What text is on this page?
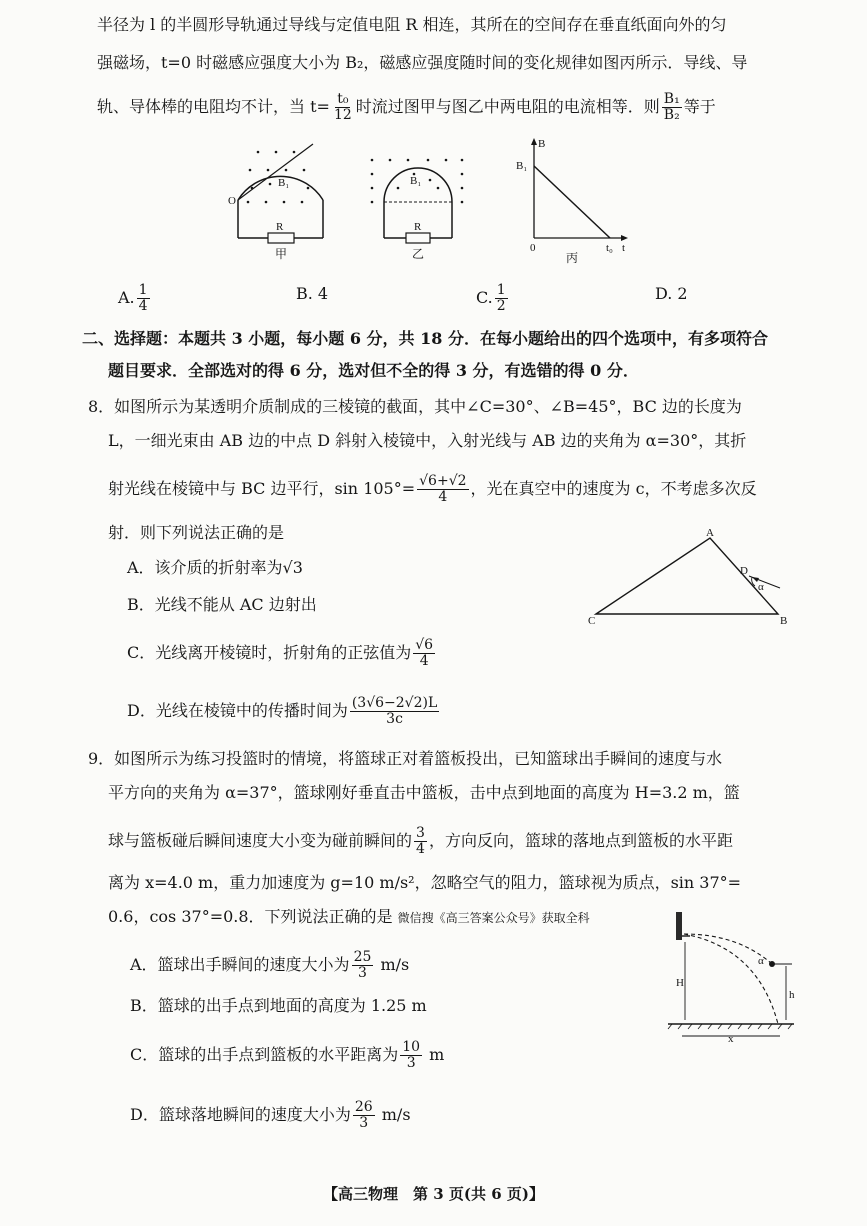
半径为 l 的半圆形导轨通过导线与定值电阻 R 相连，其所在的空间存在垂直纸面向外的匀
强磁场，t=0 时磁感应强度大小为 B₂，磁感应强度随时间的变化规律如图丙所示．导线、导
轨、导体棒的电阻均不计，当 $t= \frac{\text{t₀}}{12}$ 时流过图甲与图乙中两电阻的电流相等．则 $\frac{\text{B₁}}{\text{B₂}}$ 等于
O
B₁
R
甲
B₁
R
乙
B
B₁
0	t₀ t
丙
A. $\frac{1}{4}$	B. 4	C. $\frac{1}{2}$	D. 2
二、选择题：本题共 3 小题，每小题 6 分，共 18 分．在每小题给出的四个选项中，有多项符合
题目要求．全部选对的得 6 分，选对但不全的得 3 分，有选错的得 0 分．
8．如图所示为某透明介质制成的三棱镜的截面，其中∠C=30°、∠B=45°，BC 边的长度为
L，一细光束由 AB 边的中点 D 斜射入棱镜中，入射光线与 AB 边的夹角为 α=30°，其折
射光线在棱镜中与 BC 边平行，$\sin 105^\circ= \frac{√6+√2}{4}$ ，光在真空中的速度为 c，不考虑多次反
射．则下列说法正确的是
A．该介质的折射率为√3
B．光线不能从 AC 边射出
C．光线离开棱镜时，折射角的正弦值为 $\frac{√6}{4}$
D．光线在棱镜中的传播时间为 $\frac{(3√6-2√2)L}{3c}$
A
B
C
D
α
9．如图所示为练习投篮时的情境，将篮球正对着篮板投出，已知篮球出手瞬间的速度与水
平方向的夹角为 α=37°，篮球刚好垂直击中篮板，击中点到地面的高度为 H=3.2 m，篮
球与篮板碰后瞬间速度大小变为碰前瞬间的 $\frac{3}{4}$ ，方向反向，篮球的落地点到篮板的水平距
离为 x=4.0 m，重力加速度为 g=10 m/s²，忽略空气的阻力，篮球视为质点，sin 37°=
0.6，cos 37°=0.8．下列说法正确的是 微信搜《高三答案公众号》获取全科
A．篮球出手瞬间的速度大小为 $\frac{25}{3} m/s$
B．篮球的出手点到地面的高度为 1.25 m
C．篮球的出手点到篮板的水平距离为 $\frac{10}{3}$ m
D．篮球落地瞬间的速度大小为 $\frac{26}{3} m/s$
H
h
x
α
【高三物理　第 3 页(共 6 页)】
